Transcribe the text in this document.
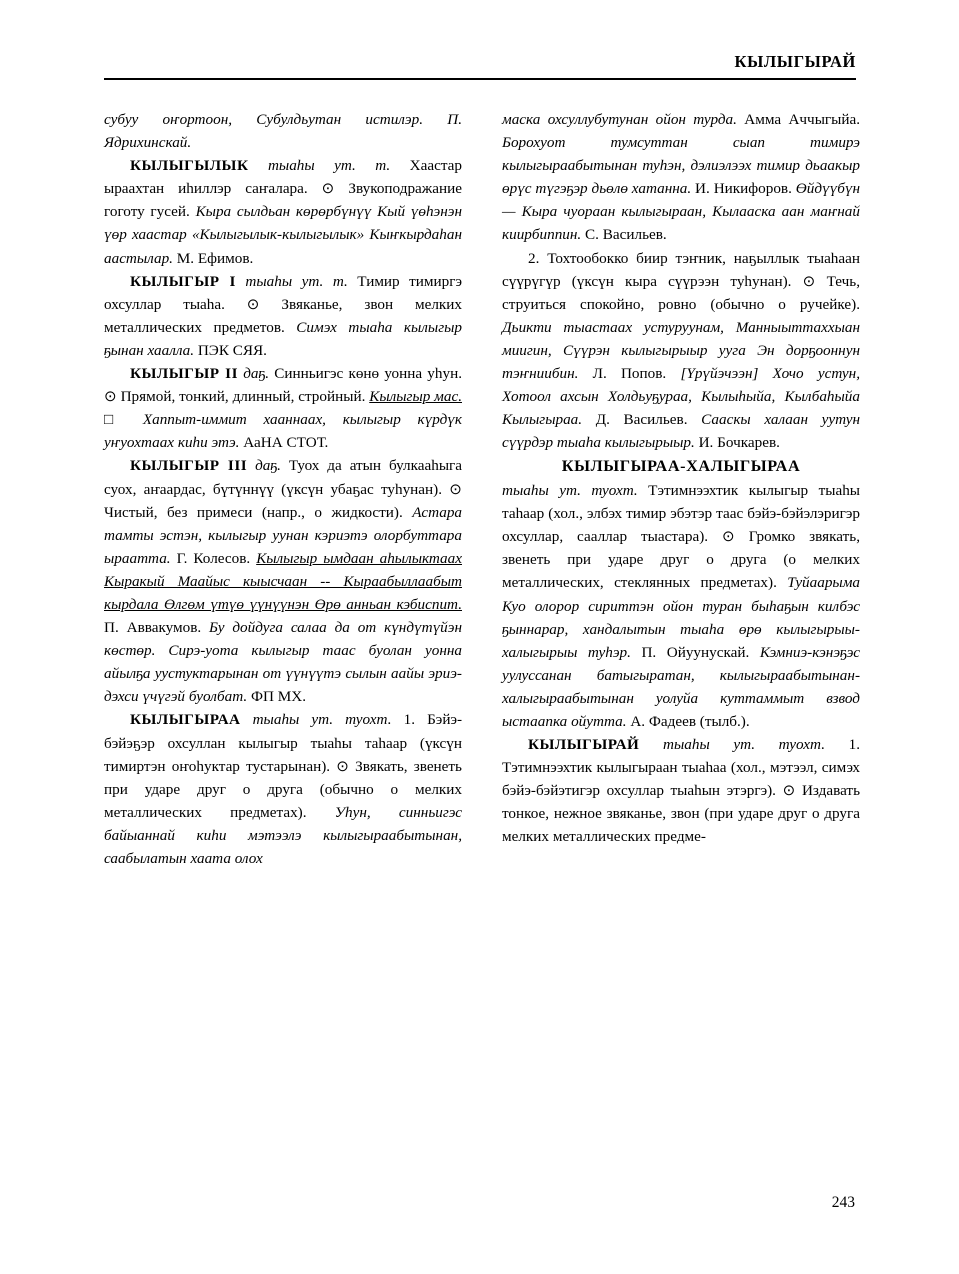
КЫЛЫГЫРАЙ

субуу оҥортоон, Субулдьутан истилэр. П. Ядрихинскай.

КЫЛЫГЫЛЫК тыаһы ут. т. Хаастар ыраахтан иһиллэр саҥалара. ⊙ Звукоподражание гоготу гусей. Кыра сылдьан көрөрбүнүү Кый үөһэнэн үөр хаастар «Кылыгылык-кылыгылык» Кыҥкырдаһан аастылар. М. Ефимов.

КЫЛЫГЫР I тыаһы ут. т. Тимир тимиргэ охсуллар тыаһа. ⊙ Звяканье, звон мелких металлических предметов. Симэх тыаһа кылыгыр ҕынан хаалла. ПЭК СЯЯ.

КЫЛЫГЫР II даҕ. Синньигэс көнө уонна уһун. ⊙ Прямой, тонкий, длинный, стройный. Кылыгыр мас. □ Хаппыт-иммит хааннаах, кылыгыр күрдүк уҥуохтаах киһи этэ. АаНА СТОТ.

КЫЛЫГЫР III даҕ. Туох да атын булкааһыга суох, аҥаардас, бүтүннүү (үксүн убаҕас туһунан). ⊙ Чистый, без примеси (напр., о жидкости). Астара тамты эстэн, кылыгыр уунан кэриэтэ олорбуттара ыраатта. Г. Колесов. Кылыгыр ымдаан аһылыктаах Кыракый Маайыс кыысчаан -- Кыраабыллаабыт кырдала Өлгөм үтүө үүнүүнэн Өрө анньан кэбиспит. П. Аввакумов. Бу дойдуга салаа да от күндүтүйэн көстөр. Сирэ-уота кылыгыр таас буолан уонна айылҕа уустуктарынан от үүнүүтэ сылын аайы эриэ-дэхси үчүгэй буолбат. ФП МХ.

КЫЛЫГЫРАА тыаһы ут. туохт. 1. Бэйэ-бэйэҕэр охсуллан кылыгыр тыаһы таһаар (үксүн тимиртэн оҥоһуктар тустарынан). ⊙ Звякать, звенеть при ударе друг о друга (обычно о мелких металлических предметах). Уһун, синньигэс байыаннай киһи мэтээлэ кылыгыраабытынан, саабылатын хаата олох

маска охсуллубутунан ойон турда. Амма Аччыгыйа. Борохуот тумсуттан сыап тимирэ кылыгыраабытынан туһэн, дэлиэлээх тимир дьаакыр өрүс түгэҕэр дьөлө хатанна. И. Никифоров. Өйдүүбүн — Кыра чуораан кылыгыраан, Кылааска аан маҥнай киирбиппин. С. Васильев.

2. Тохтообокко биир тэҥник, наҕыллык тыаһаан сүүрүгүр (үксүн кыра сүүрээн туһунан). ⊙ Течь, струиться спокойно, ровно (обычно о ручейке). Дьикти тыастаах устуруунам, Манныыттаххыан миигин, Сүүрэн кылыгырыыр ууга Эн дорҕооннун тэҥниибин. Л. Попов. [Үрүйэчээн] Хочо устун, Хотоол ахсын Холдьуҕураа, Кылыһыйа, Кылбаһыйа Кылыгыраа. Д. Васильев. Сааскы халаан уутун сүүрдэр тыаһа кылыгырыыр. И. Бочкарев.

КЫЛЫГЫРАА-ХАЛЫГЫРАА

тыаһы ут. туохт. Тэтимнээхтик кылыгыр тыаһы таһаар (хол., элбэх тимир эбэтэр таас бэйэ-бэйэлэригэр охсуллар, сааллар тыастара). ⊙ Громко звякать, звенеть при ударе друг о друга (о мелких металлических, стеклянных предметах). Туйаарыма Куо олорор сириттэн ойон туран быһаҕын килбэс ҕыннарар, хандалытын тыаһа өрө кылыгырыы-халыгырыы туһэр. П. Ойуунускай. Кэмниэ-кэнэҕэс уулуссанан батыгыратан, кылыгыраабытынан-халыгыраабытынан уолуйа куттаммыт взвод ыстаапка ойутта. А. Фадеев (тылб.).

КЫЛЫГЫРАЙ тыаһы ут. туохт. 1. Тэтимнээхтик кылыгыраан тыаһаа (хол., мэтээл, симэх бэйэ-бэйэтигэр охсуллар тыаһын этэргэ). ⊙ Издавать тонкое, нежное звяканье, звон (при ударе друг о друга мелких металлических предме-

243
